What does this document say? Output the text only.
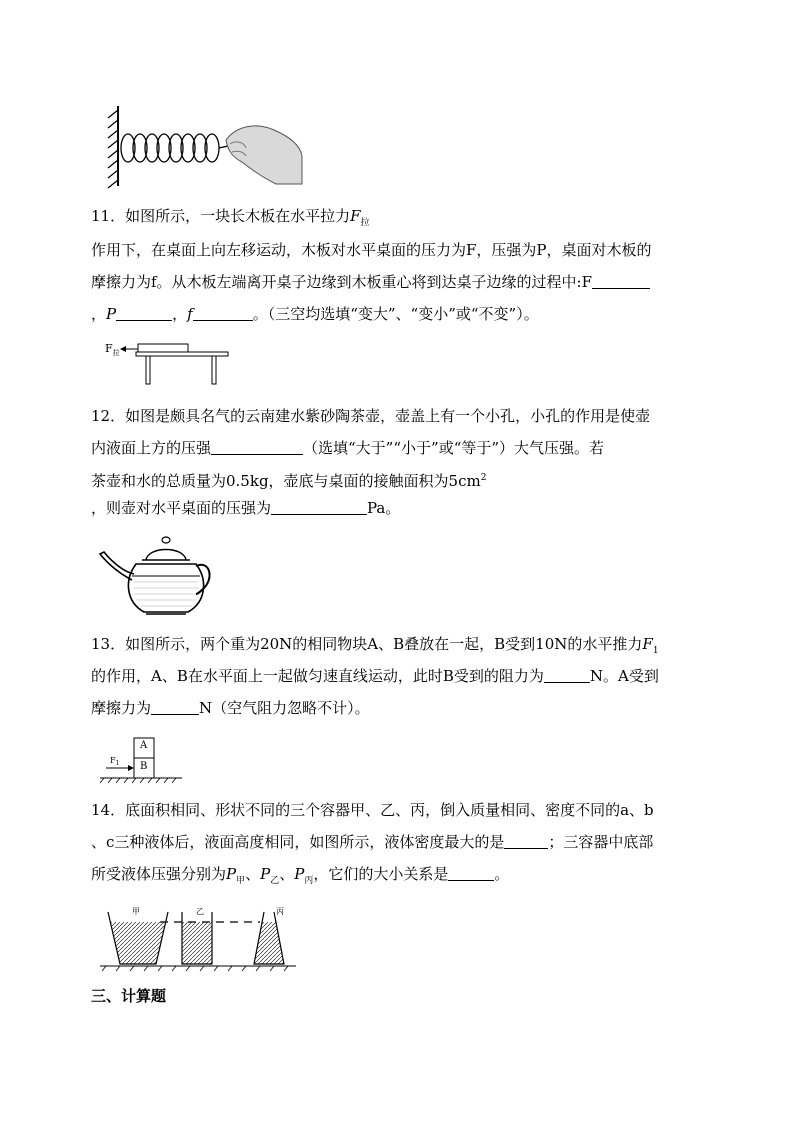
11．如图所示，一块长木板在水平拉力$F_拉$
作用下，在桌面上向左移运动，木板对水平桌面的压力为F，压强为P，桌面对木板的
摩擦力为f。从木板左端离开桌子边缘到木板重心将到达桌子边缘的过程中:F
，P	，f	。（三空均选填“变大”、“变小”或“不变”）。
$F_拉$
12．如图是颇具名气的云南建水紫砂陶茶壶，壶盖上有一个小孔，小孔的作用是使壶
内液面上方的压强	（选填“大于”“小于”或“等于”）大气压强。若
茶壶和水的总质量为0.5kg，壶底与桌面的接触面积为$5cm^2$
，则壶对水平桌面的压强为	Pa。
13．如图所示，两个重为20N的相同物块A、B叠放在一起，B受到10N的水平推力$F_1$
的作用，A、B在水平面上一起做匀速直线运动，此时B受到的阻力为	N。A受到
摩擦力为	N（空气阻力忽略不计）。
A
B
$F_1$
14．底面积相同、形状不同的三个容器甲、乙、丙，倒入质量相同、密度不同的a、b
、c三种液体后，液面高度相同，如图所示，液体密度最大的是	；三容器中底部
所受液体压强分别为$P_甲$、$P_乙$、$P_丙$，它们的大小关系是	。
甲	乙	丙
三、计算题
